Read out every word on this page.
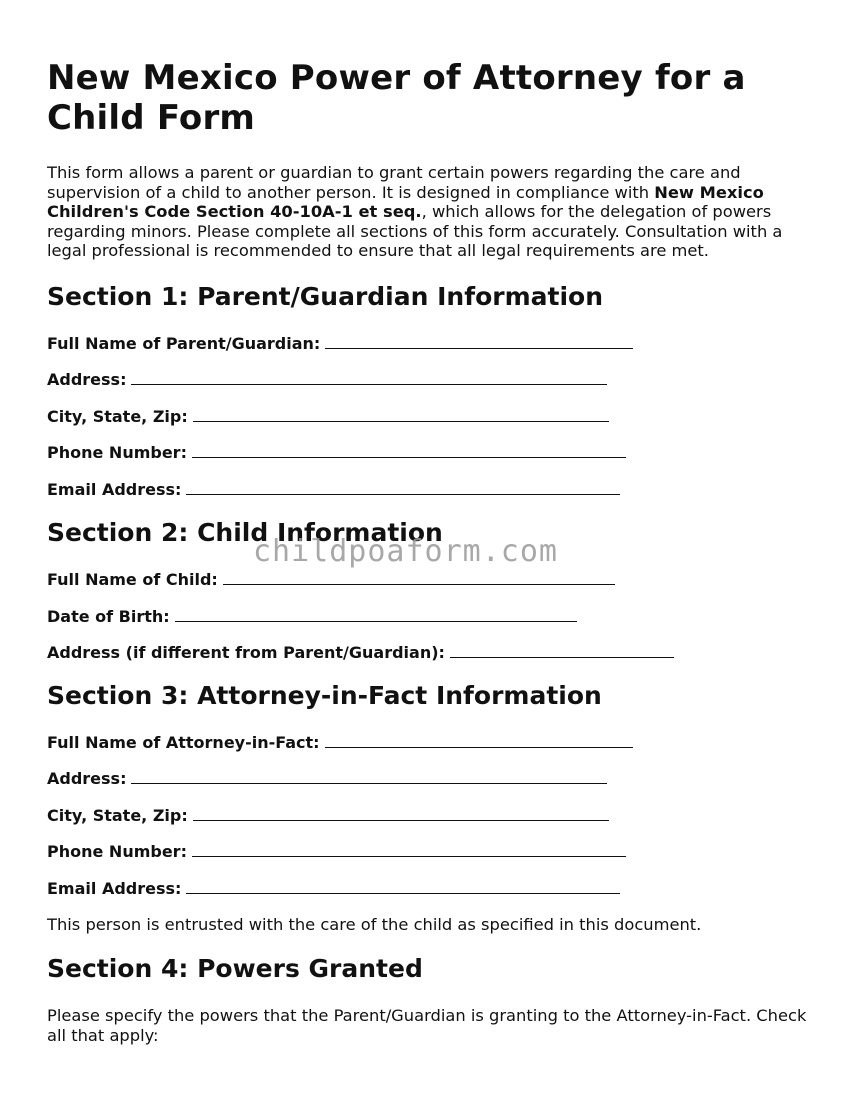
New Mexico Power of Attorney for a Child Form

This form allows a parent or guardian to grant certain powers regarding the care and supervision of a child to another person. It is designed in compliance with New Mexico Children's Code Section 40-10A-1 et seq., which allows for the delegation of powers regarding minors. Please complete all sections of this form accurately. Consultation with a legal professional is recommended to ensure that all legal requirements are met.

Section 1: Parent/Guardian Information
Full Name of Parent/Guardian:
Address:
City, State, Zip:
Phone Number:
Email Address:
Section 2: Child Information
Full Name of Child:
Date of Birth:
Address (if different from Parent/Guardian):
Section 3: Attorney-in-Fact Information
Full Name of Attorney-in-Fact:
Address:
City, State, Zip:
Phone Number:
Email Address:

This person is entrusted with the care of the child as specified in this document.

Section 4: Powers Granted

Please specify the powers that the Parent/Guardian is granting to the Attorney-in-Fact. Check all that apply:

childpoaform.com
